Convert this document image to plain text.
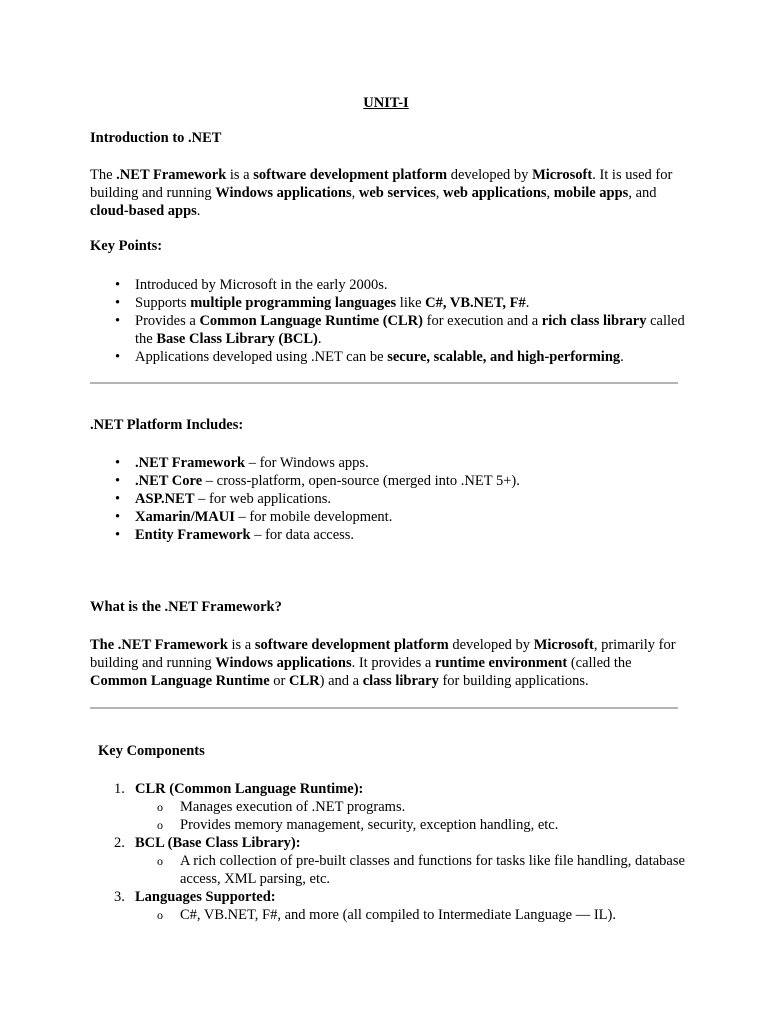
UNIT-I
Introduction to .NET
The .NET Framework is a software development platform developed by Microsoft. It is used for building and running Windows applications, web services, web applications, mobile apps, and cloud-based apps.
Key Points:
• Introduced by Microsoft in the early 2000s.
• Supports multiple programming languages like C#, VB.NET, F#.
• Provides a Common Language Runtime (CLR) for execution and a rich class library called the Base Class Library (BCL).
• Applications developed using .NET can be secure, scalable, and high-performing.
.NET Platform Includes:
• .NET Framework – for Windows apps.
• .NET Core – cross-platform, open-source (merged into .NET 5+).
• ASP.NET – for web applications.
• Xamarin/MAUI – for mobile development.
• Entity Framework – for data access.
What is the .NET Framework?
The .NET Framework is a software development platform developed by Microsoft, primarily for building and running Windows applications. It provides a runtime environment (called the Common Language Runtime or CLR) and a class library for building applications.
Key Components
1. CLR (Common Language Runtime):
o Manages execution of .NET programs.
o Provides memory management, security, exception handling, etc.
2. BCL (Base Class Library):
o A rich collection of pre-built classes and functions for tasks like file handling, database access, XML parsing, etc.
3. Languages Supported:
o C#, VB.NET, F#, and more (all compiled to Intermediate Language — IL).
